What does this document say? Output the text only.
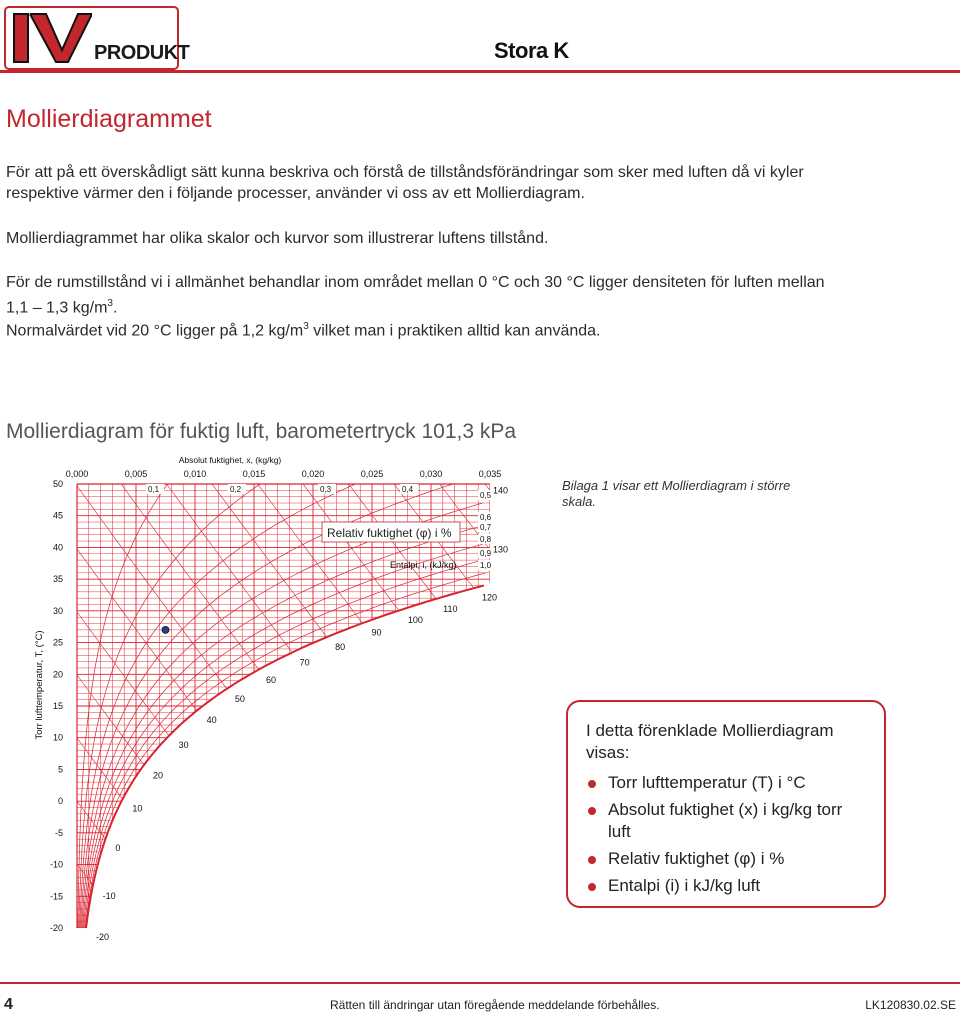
PRODUKT	Stora K
Mollierdiagrammet

För att på ett överskådligt sätt kunna beskriva och förstå de tillståndsförändringar som sker med luften då vi kyler respektive värmer den i följande processer, använder vi oss av ett Mollierdiagram.

Mollierdiagrammet har olika skalor och kurvor som illustrerar luftens tillstånd.

För de rumstillstånd vi i allmänhet behandlar inom området mellan 0 °C och 30 °C ligger densiteten för luften mellan 1,1 – 1,3 $kg/m^3$.

Normalvärdet vid 20 °C ligger på 1,2 $kg/m^3$ vilket man i praktiken alltid kan använda.

Mollierdiagram för fuktig luft, barometertryck 101,3 kPa
0,000	0,005	0,010	0,015	0,020	0,025	0,030	0,035
50
45
40
35
30
25
20
15
10
5
0
-5
-10
-15
-20
0,1	0,2	0,3	0,4
0,5
0,6
0,7
0,8
0,9
1,0
-20
-10
0
10
20
30
40
50
60
70
80
90
100
110
120
130
140
Absolut fuktighet, x, (kg/kg)
Torr lufttemperatur, T, (°C)
Entalpi, i, (kJ/kg)
Relativ fuktighet (φ) i %
Bilaga 1 visar ett Mollierdiagram i större skala.
I detta förenklade Mollierdiagram visas:
Torr lufttemperatur (T) i °C
Absolut fuktighet (x) i kg/kg torr luft
Relativ fuktighet (φ) i %
Entalpi (i) i kJ/kg luft
4	Rätten till ändringar utan föregående meddelande förbehålles.	LK120830.02.SE
